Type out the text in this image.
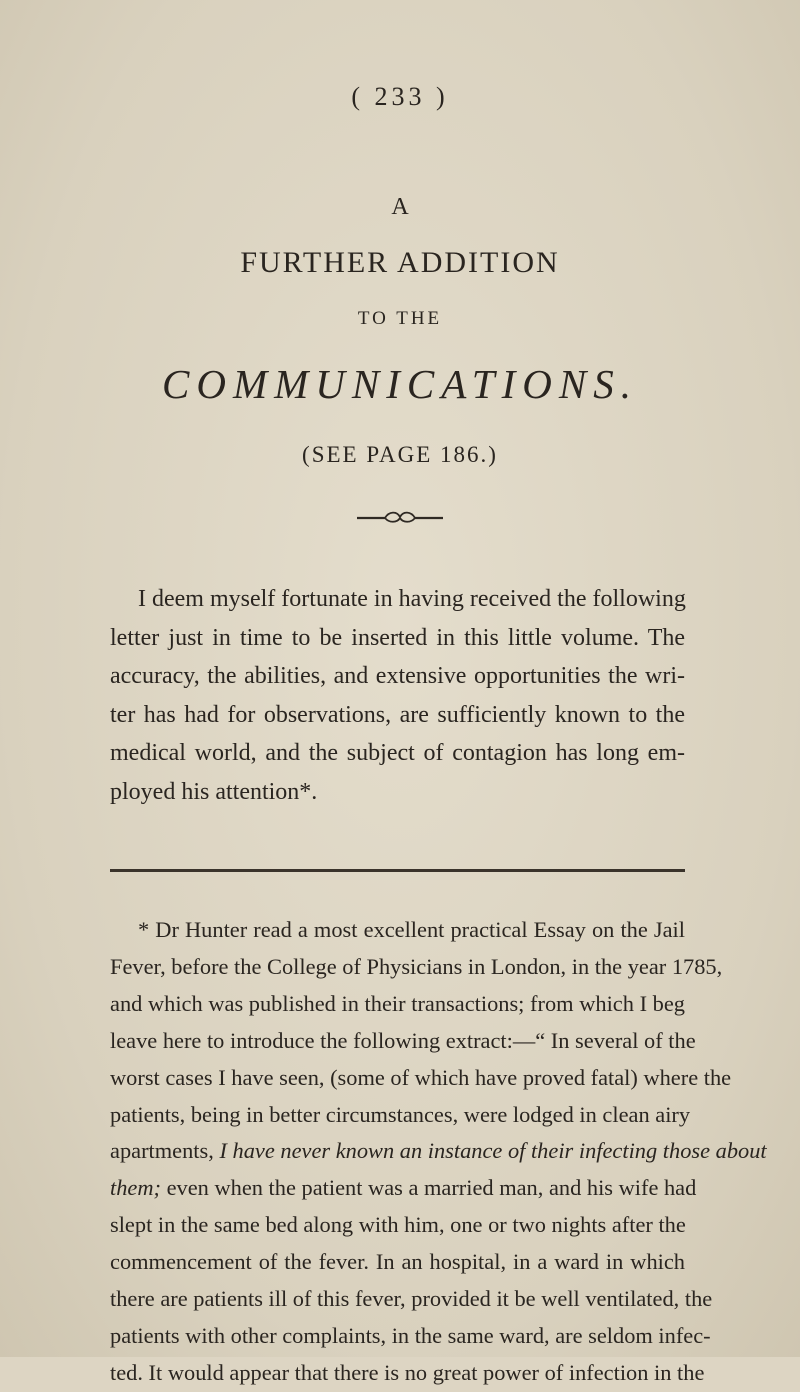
( 233 )
A
FURTHER ADDITION
TO THE
COMMUNICATIONS.
(SEE PAGE 186.)
I deem myself fortunate in having received the following
letter just in time to be inserted in this little volume. The
accuracy, the abilities, and extensive opportunities the wri-
ter has had for observations, are sufficiently known to the
medical world, and the subject of contagion has long em-
ployed his attention*.
* Dr Hunter read a most excellent practical Essay on the Jail
Fever, before the College of Physicians in London, in the year 1785,
and which was published in their transactions; from which I beg
leave here to introduce the following extract:—“ In several of the
worst cases I have seen, (some of which have proved fatal) where the
patients, being in better circumstances, were lodged in clean airy
apartments, I have never known an instance of their infecting those about
them; even when the patient was a married man, and his wife had
slept in the same bed along with him, one or two nights after the
commencement of the fever. In an hospital, in a ward in which
there are patients ill of this fever, provided it be well ventilated, the
patients with other complaints, in the same ward, are seldom infec-
ted. It would appear that there is no great power of infection in the
